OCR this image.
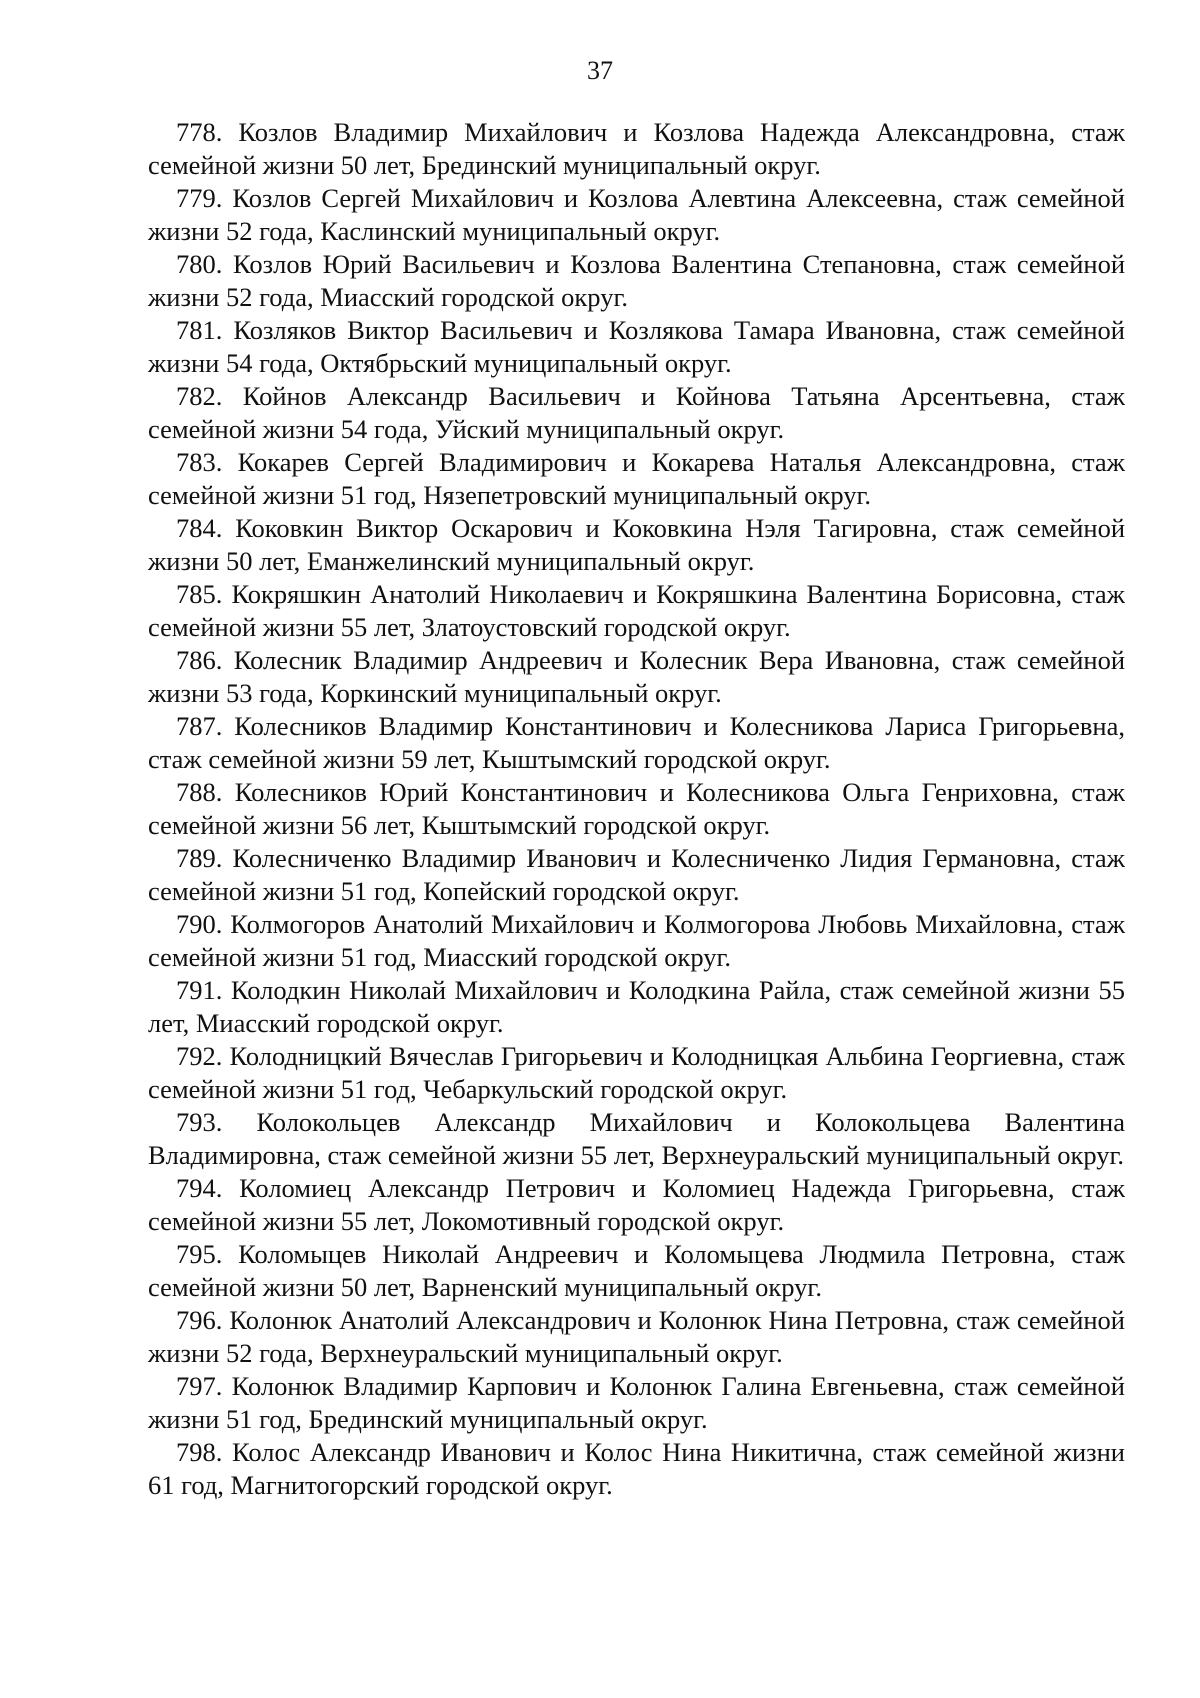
37

778. Козлов Владимир Михайлович и Козлова Надежда Александровна, стаж семейной жизни 50 лет, Брединский муниципальный округ.

779. Козлов Сергей Михайлович и Козлова Алевтина Алексеевна, стаж семейной жизни 52 года, Каслинский муниципальный округ.

780. Козлов Юрий Васильевич и Козлова Валентина Степановна, стаж семейной жизни 52 года, Миасский городской округ.

781. Козляков Виктор Васильевич и Козлякова Тамара Ивановна, стаж семейной жизни 54 года, Октябрьский муниципальный округ.

782. Койнов Александр Васильевич и Койнова Татьяна Арсентьевна, стаж семейной жизни 54 года, Уйский муниципальный округ.

783. Кокарев Сергей Владимирович и Кокарева Наталья Александровна, стаж семейной жизни 51 год, Нязепетровский муниципальный округ.

784. Коковкин Виктор Оскарович и Коковкина Нэля Тагировна, стаж семейной жизни 50 лет, Еманжелинский муниципальный округ.

785. Кокряшкин Анатолий Николаевич и Кокряшкина Валентина Борисовна, стаж семейной жизни 55 лет, Златоустовский городской округ.

786. Колесник Владимир Андреевич и Колесник Вера Ивановна, стаж семейной жизни 53 года, Коркинский муниципальный округ.

787. Колесников Владимир Константинович и Колесникова Лариса Григорьевна, стаж семейной жизни 59 лет, Кыштымский городской округ.

788. Колесников Юрий Константинович и Колесникова Ольга Генриховна, стаж семейной жизни 56 лет, Кыштымский городской округ.

789. Колесниченко Владимир Иванович и Колесниченко Лидия Германовна, стаж семейной жизни 51 год, Копейский городской округ.

790. Колмогоров Анатолий Михайлович и Колмогорова Любовь Михайловна, стаж семейной жизни 51 год, Миасский городской округ.

791. Колодкин Николай Михайлович и Колодкина Райла, стаж семейной жизни 55 лет, Миасский городской округ.

792. Колодницкий Вячеслав Григорьевич и Колодницкая Альбина Георгиевна, стаж семейной жизни 51 год, Чебаркульский городской округ.

793. Колокольцев Александр Михайлович и Колокольцева Валентина Владимировна, стаж семейной жизни 55 лет, Верхнеуральский муниципальный округ.

794. Коломиец Александр Петрович и Коломиец Надежда Григорьевна, стаж семейной жизни 55 лет, Локомотивный городской округ.

795. Коломыцев Николай Андреевич и Коломыцева Людмила Петровна, стаж семейной жизни 50 лет, Варненский муниципальный округ.

796. Колонюк Анатолий Александрович и Колонюк Нина Петровна, стаж семейной жизни 52 года, Верхнеуральский муниципальный округ.

797. Колонюк Владимир Карпович и Колонюк Галина Евгеньевна, стаж семейной жизни 51 год, Брединский муниципальный округ.

798. Колос Александр Иванович и Колос Нина Никитична, стаж семейной жизни 61 год, Магнитогорский городской округ.
